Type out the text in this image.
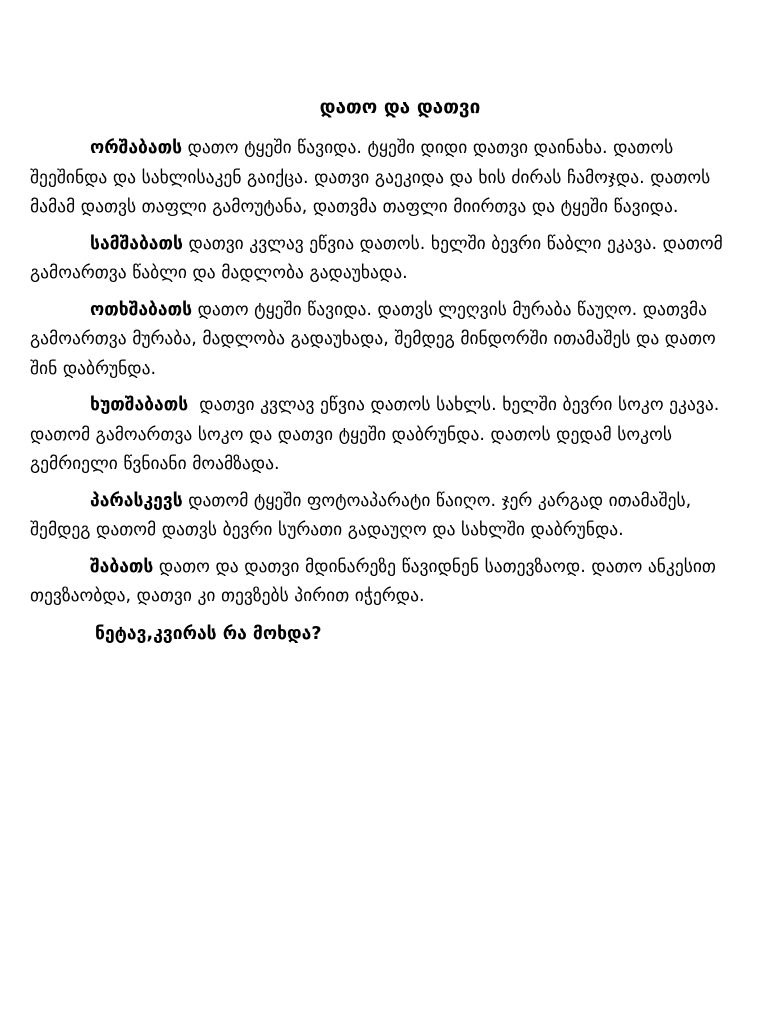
დათო და დათვი

ორშაბათს დათო ტყეში წავიდა. ტყეში დიდი დათვი დაინახა. დათოს შეეშინდა და სახლისაკენ გაიქცა. დათვი გაეკიდა და ხის ძირას ჩამოჯდა. დათოს მამამ დათვს თაფლი გამოუტანა, დათვმა თაფლი მიირთვა და ტყეში წავიდა.

სამშაბათს დათვი კვლავ ეწვია დათოს. ხელში ბევრი წაბლი ეკავა. დათომ გამოართვა წაბლი და მადლობა გადაუხადა.

ოთხშაბათს დათო ტყეში წავიდა. დათვს ლეღვის მურაბა წაუღო. დათვმა გამოართვა მურაბა, მადლობა გადაუხადა, შემდეგ მინდორში ითამაშეს და დათო შინ დაბრუნდა.

ხუთშაბათს  დათვი კვლავ ეწვია დათოს სახლს. ხელში ბევრი სოკო ეკავა. დათომ გამოართვა სოკო და დათვი ტყეში დაბრუნდა. დათოს დედამ სოკოს გემრიელი წვნიანი მოამზადა.

პარასკევს დათომ ტყეში ფოტოაპარატი წაიღო. ჯერ კარგად ითამაშეს, შემდეგ დათომ დათვს ბევრი სურათი გადაუღო და სახლში დაბრუნდა.

შაბათს დათო და დათვი მდინარეზე წავიდნენ სათევზაოდ. დათო ანკესით თევზაობდა, დათვი კი თევზებს პირით იჭერდა.

ნეტავ,კვირას რა მოხდა?
